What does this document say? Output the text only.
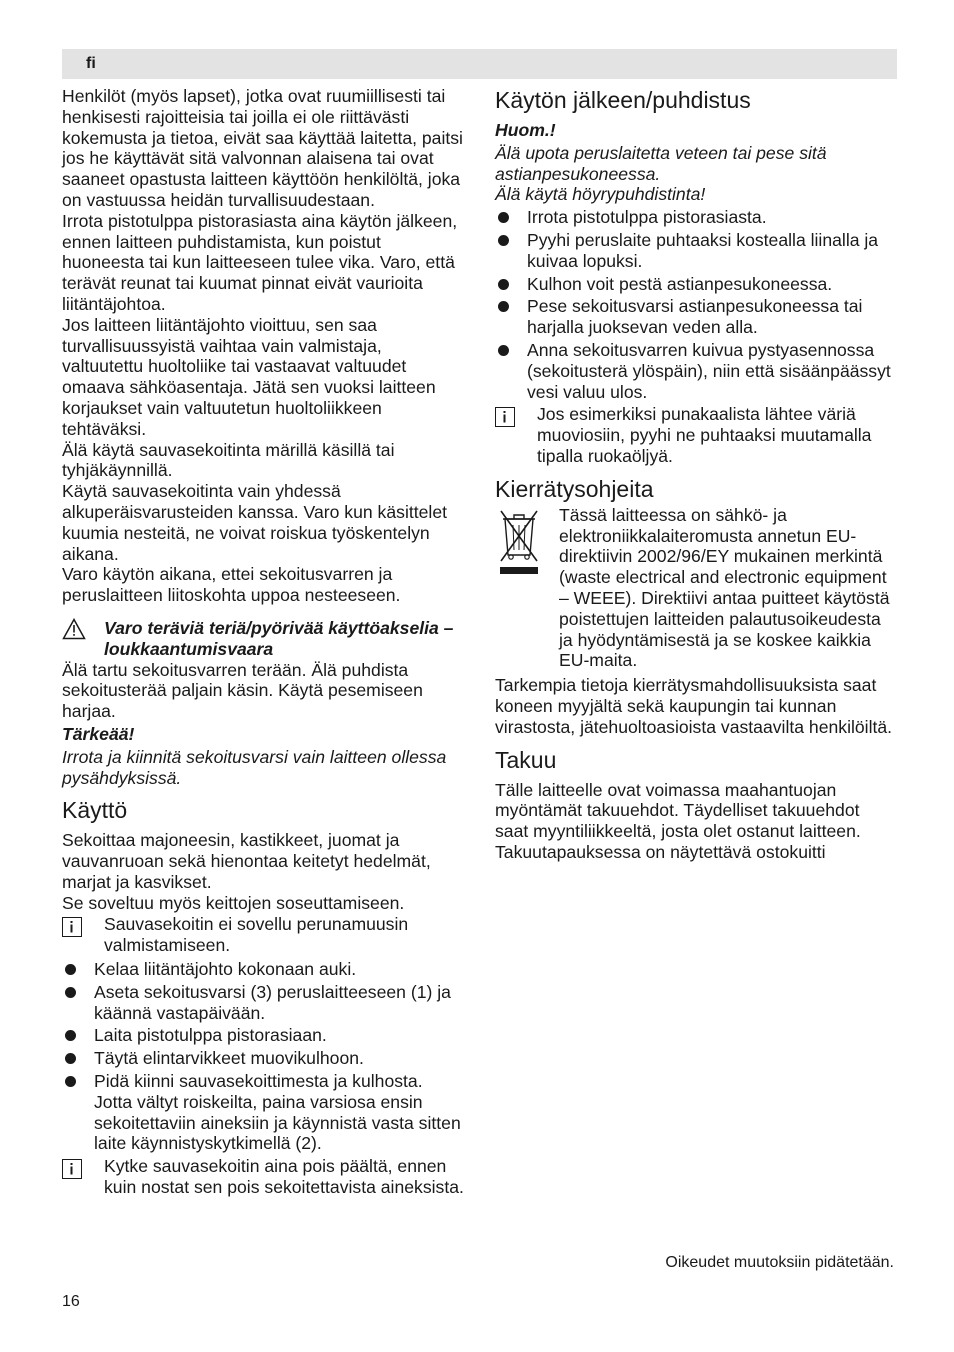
fi

Henkilöt (myös lapset), jotka ovat ruumiillisesti tai henkisesti rajoitteisia tai joilla ei ole riittävästi kokemusta ja tietoa, eivät saa käyttää laitetta, paitsi jos he käyttävät sitä valvonnan alaisena tai ovat saaneet opastusta laitteen käyttöön henkilöltä, joka on vastuussa heidän turvallisuudestaan.

Irrota pistotulppa pistorasiasta aina käytön jälkeen, ennen laitteen puhdistamista, kun poistut huoneesta tai kun laitteeseen tulee vika. Varo, että terävät reunat tai kuumat pinnat eivät vaurioita liitäntäjohtoa.

Jos laitteen liitäntäjohto vioittuu, sen saa turvallisuussyistä vaihtaa vain valmistaja, valtuutettu huoltoliike tai vastaavat valtuudet omaava sähköasentaja. Jätä sen vuoksi laitteen korjaukset vain valtuutetun huoltoliikkeen tehtäväksi.

Älä käytä sauvasekoitinta märillä käsillä tai tyhjäkäynnillä.

Käytä sauvasekoitinta vain yhdessä alkuperäisvarusteiden kanssa. Varo kun käsittelet kuumia nesteitä, ne voivat roiskua työskentelyn aikana.

Varo käytön aikana, ettei sekoitusvarren ja peruslaitteen liitoskohta uppoa nesteeseen.

Varo teräviä teriä/pyörivää käyttöakselia – loukkaantumisvaara

Älä tartu sekoitusvarren terään. Älä puhdista sekoitusterää paljain käsin. Käytä pesemiseen harjaa.

Tärkeää!

Irrota ja kiinnitä sekoitusvarsi vain laitteen ollessa pysähdyksissä.

Käyttö

Sekoittaa majoneesin, kastikkeet, juomat ja vauvanruoan sekä hienontaa keitetyt hedelmät, marjat ja kasvikset.

Se soveltuu myös keittojen soseuttamiseen.

Sauvasekoitin ei sovellu perunamuusin valmistamiseen.

Kelaa liitäntäjohto kokonaan auki.
Aseta sekoitusvarsi (3) peruslaitteeseen (1) ja käännä vastapäivään.
Laita pistotulppa pistorasiaan.
Täytä elintarvikkeet muovikulhoon.
Pidä kiinni sauvasekoittimesta ja kulhosta. Jotta vältyt roiskeilta, paina varsiosa ensin sekoitettaviin aineksiin ja käynnistä vasta sitten laite käynnistyskytkimellä (2).

Kytke sauvasekoitin aina pois päältä, ennen kuin nostat sen pois sekoitettavista aineksista.

Käytön jälkeen/puhdistus

Huom.!

Älä upota peruslaitetta veteen tai pese sitä astianpesukoneessa.

Älä käytä höyrypuhdistinta!

Irrota pistotulppa pistorasiasta.
Pyyhi peruslaite puhtaaksi kostealla liinalla ja kuivaa lopuksi.
Kulhon voit pestä astianpesukoneessa.
Pese sekoitusvarsi astianpesukoneessa tai harjalla juoksevan veden alla.
Anna sekoitusvarren kuivua pystyasennossa (sekoitusterä ylöspäin), niin että sisäänpäässyt vesi valuu ulos.

Jos esimerkiksi punakaalista lähtee väriä muoviosiin, pyyhi ne puhtaaksi muutamalla tipalla ruokaöljyä.

Kierrätysohjeita

Tässä laitteessa on sähkö- ja elektroniikkalaiteromusta annetun EU-direktiivin 2002/96/EY mukainen merkintä (waste electrical and electronic equipment – WEEE). Direktiivi antaa puitteet käytöstä poistettujen laitteiden palautusoikeudesta ja hyödyntämisestä ja se koskee kaikkia EU-maita.

Tarkempia tietoja kierrätysmahdollisuuksista saat koneen myyjältä sekä kaupungin tai kunnan virastosta, jätehuoltoasioista vastaavilta henkilöiltä.

Takuu

Tälle laitteelle ovat voimassa maahantuojan myöntämät takuuehdot. Täydelliset takuuehdot saat myyntiliikkeeltä, josta olet ostanut laitteen. Takuutapauksessa on näytettävä ostokuitti

Oikeudet muutoksiin pidätetään.
16
